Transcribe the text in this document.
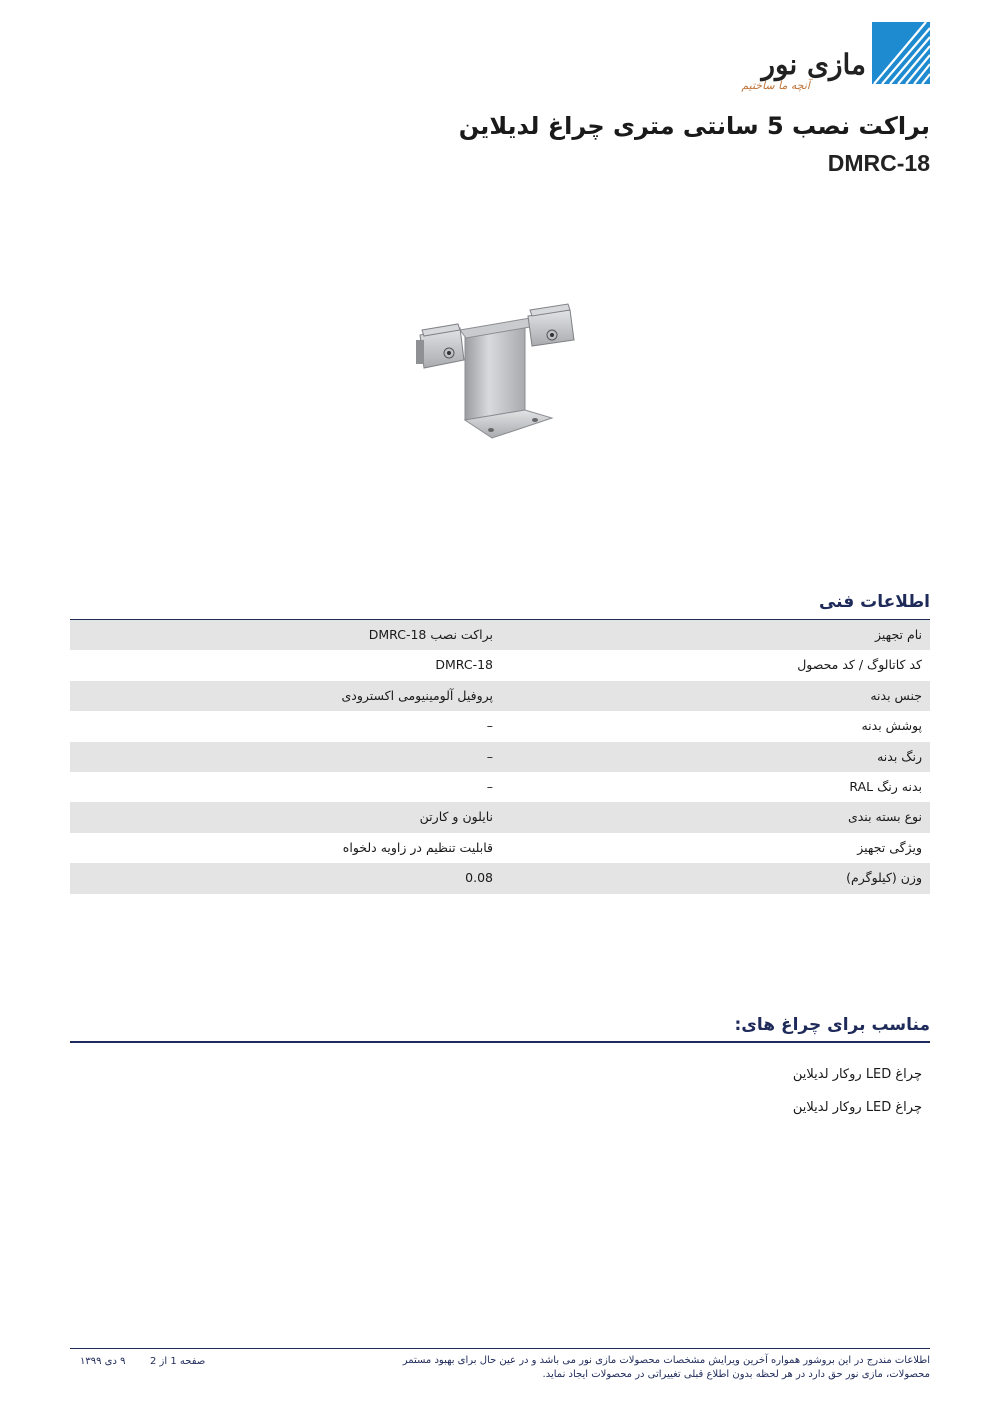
مازی نور
آنچه ما ساختیم
براکت نصب 5 سانتی متری چراغ لدیلاین
DMRC-18
اطلاعات فنی
نام تجهیز
براکت نصب DMRC-18
کد کاتالوگ / کد محصول
DMRC-18
جنس بدنه
پروفیل آلومینیومی اکسترودی
پوشش بدنه
–
رنگ بدنه
–
بدنه رنگ RAL
–
نوع بسته بندی
نایلون و کارتن
ویژگی تجهیز
قابلیت تنظیم در زاویه دلخواه
وزن (کیلوگرم)
0.08
مناسب برای چراغ های:
چراغ LED روکار لدیلاین
چراغ LED روکار لدیلاین
اطلاعات مندرج در این بروشور همواره آخرین ویرایش مشخصات محصولات مازی نور می باشد و در عین حال برای بهبود مستمر محصولات، مازی نور حق دارد در هر لحظه بدون اطلاع قبلی تغییراتی در محصولات ایجاد نماید.
صفحه 1 از 2
۹ دی ۱۳۹۹
